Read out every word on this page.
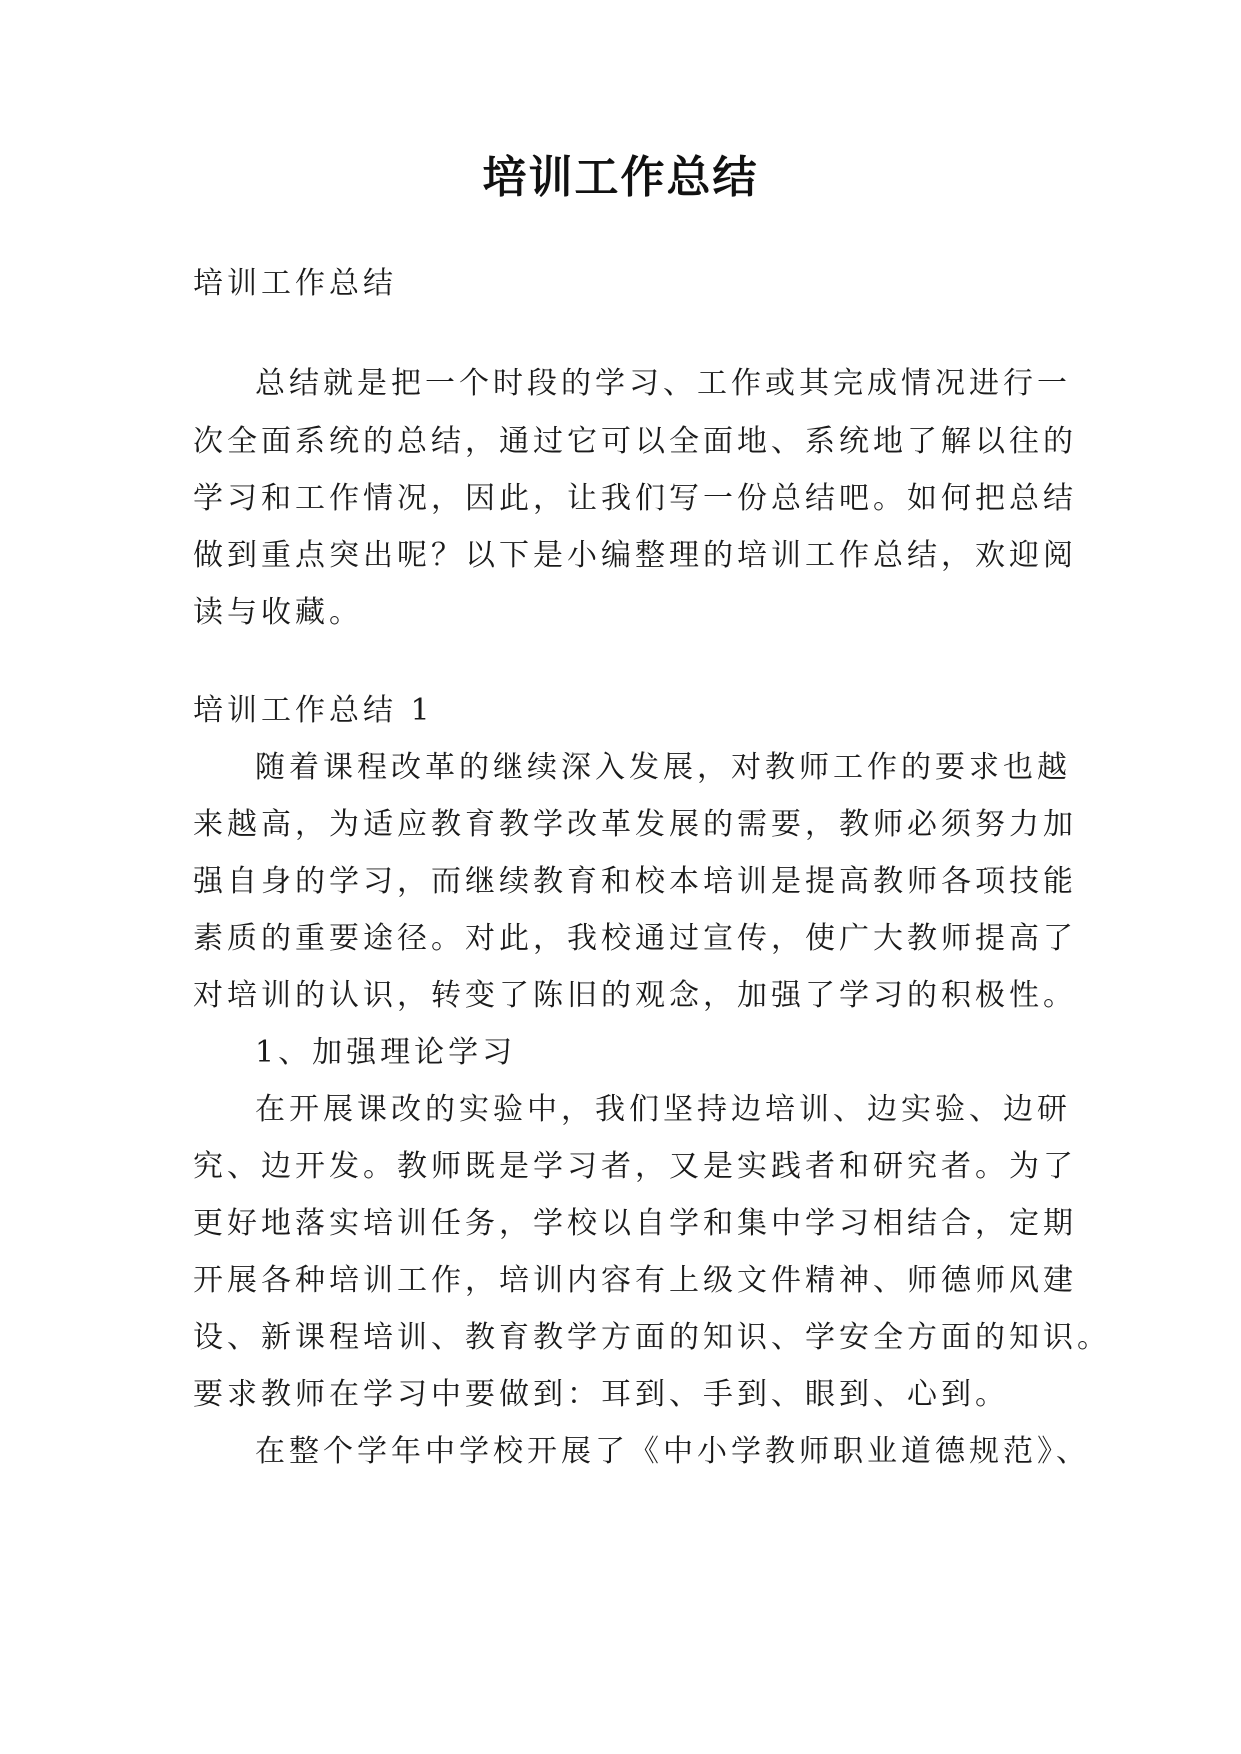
培训工作总结
培训工作总结
总结就是把一个时段的学习、工作或其完成情况进行一
次全面系统的总结，通过它可以全面地、系统地了解以往的
学习和工作情况，因此，让我们写一份总结吧。如何把总结
做到重点突出呢？以下是小编整理的培训工作总结，欢迎阅
读与收藏。
培训工作总结 1
随着课程改革的继续深入发展，对教师工作的要求也越
来越高，为适应教育教学改革发展的需要，教师必须努力加
强自身的学习，而继续教育和校本培训是提高教师各项技能
素质的重要途径。对此，我校通过宣传，使广大教师提高了
对培训的认识，转变了陈旧的观念，加强了学习的积极性。
1、加强理论学习
在开展课改的实验中，我们坚持边培训、边实验、边研
究、边开发。教师既是学习者，又是实践者和研究者。为了
更好地落实培训任务，学校以自学和集中学习相结合，定期
开展各种培训工作，培训内容有上级文件精神、师德师风建
设、新课程培训、教育教学方面的知识、学安全方面的知识。
要求教师在学习中要做到：耳到、手到、眼到、心到。
在整个学年中学校开展了《中小学教师职业道德规范》、
